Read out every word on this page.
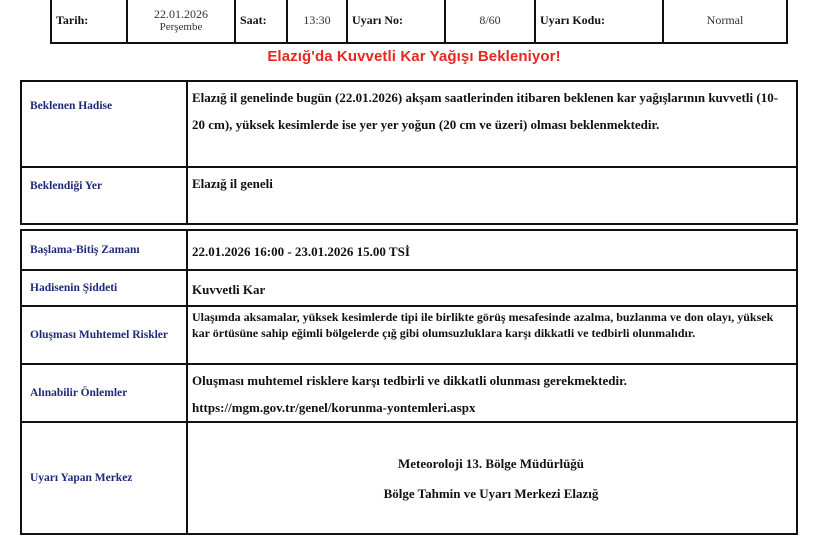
Tarih:	22.01.2026
Perşembe
	Saat:	13:30	Uyarı No:	8/60	Uyarı Kodu:	Normal
Elazığ'da Kuvvetli Kar Yağışı Bekleniyor!
Beklenen Hadise	Elazığ il genelinde bugün (22.01.2026) akşam saatlerinden itibaren beklenen kar yağışlarının kuvvetli (10-20 cm), yüksek kesimlerde ise yer yer yoğun (20 cm ve üzeri) olması beklenmektedir.
Beklendiği Yer	Elazığ il geneli
Başlama-Bitiş Zamanı	22.01.2026 16:00 - 23.01.2026 15.00 TSİ
Hadisenin Şiddeti	Kuvvetli Kar
Oluşması Muhtemel Riskler	Ulaşımda aksamalar, yüksek kesimlerde tipi ile birlikte görüş mesafesinde azalma, buzlanma ve don olayı, yüksek kar örtüsüne sahip eğimli bölgelerde çığ gibi olumsuzluklara karşı dikkatli ve tedbirli olunmalıdır.
Alınabilir Önlemler	Oluşması muhtemel risklere karşı tedbirli ve dikkatli olunması gerekmektedir.
https://mgm.gov.tr/genel/korunma-yontemleri.aspx

Uyarı Yapan Merkez	Meteoroloji 13. Bölge Müdürlüğü
Bölge Tahmin ve Uyarı Merkezi Elazığ
